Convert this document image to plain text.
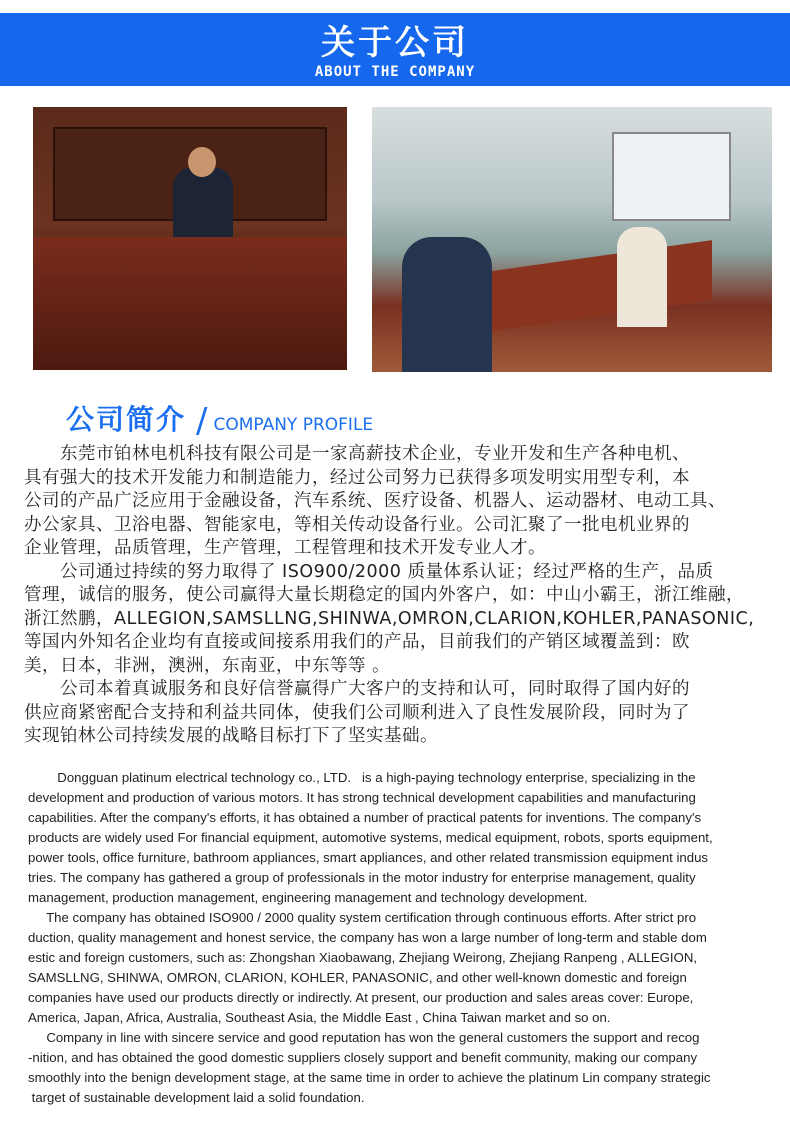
关于公司
ABOUT THE COMPANY
公司简介 / COMPANY PROFILE
　　东莞市铂林电机科技有限公司是一家高薪技术企业，专业开发和生产各种电机、
具有强大的技术开发能力和制造能力，经过公司努力已获得多项发明实用型专利，本
公司的产品广泛应用于金融设备，汽车系统、医疗设备、机器人、运动器材、电动工具、
办公家具、卫浴电器、智能家电，等相关传动设备行业。公司汇聚了一批电机业界的
企业管理，品质管理，生产管理，工程管理和技术开发专业人才。
　　公司通过持续的努力取得了 ISO900/2000 质量体系认证；经过严格的生产，品质
管理，诚信的服务，使公司赢得大量长期稳定的国内外客户，如：中山小霸王，浙江维融，
浙江然鹏，ALLEGION,SAMSLLNG,SHINWA,OMRON,CLARION,KOHLER,PANASONIC,
等国内外知名企业均有直接或间接系用我们的产品，目前我们的产销区域覆盖到：欧
美，日本，非洲，澳洲，东南亚，中东等等 。
　　公司本着真诚服务和良好信誉赢得广大客户的支持和认可，同时取得了国内好的
供应商紧密配合支持和利益共同体，使我们公司顺利进入了良性发展阶段，同时为了
实现铂林公司持续发展的战略目标打下了坚实基础。
Dongguan platinum electrical technology co., LTD.   is a high-paying technology enterprise, specializing in the
development and production of various motors. It has strong technical development capabilities and manufacturing
capabilities. After the company's efforts, it has obtained a number of practical patents for inventions. The company's
products are widely used For financial equipment, automotive systems, medical equipment, robots, sports equipment,
power tools, office furniture, bathroom appliances, smart appliances, and other related transmission equipment indus
tries. The company has gathered a group of professionals in the motor industry for enterprise management, quality
management, production management, engineering management and technology development.
The company has obtained ISO900 / 2000 quality system certification through continuous efforts. After strict pro
duction, quality management and honest service, the company has won a large number of long-term and stable dom
estic and foreign customers, such as: Zhongshan Xiaobawang, Zhejiang Weirong, Zhejiang Ranpeng , ALLEGION,
SAMSLLNG, SHINWA, OMRON, CLARION, KOHLER, PANASONIC, and other well-known domestic and foreign
companies have used our products directly or indirectly. At present, our production and sales areas cover: Europe,
America, Japan, Africa, Australia, Southeast Asia, the Middle East , China Taiwan market and so on.
Company in line with sincere service and good reputation has won the general customers the support and recog
-nition, and has obtained the good domestic suppliers closely support and benefit community, making our company
smoothly into the benign development stage, at the same time in order to achieve the platinum Lin company strategic
target of sustainable development laid a solid foundation.
